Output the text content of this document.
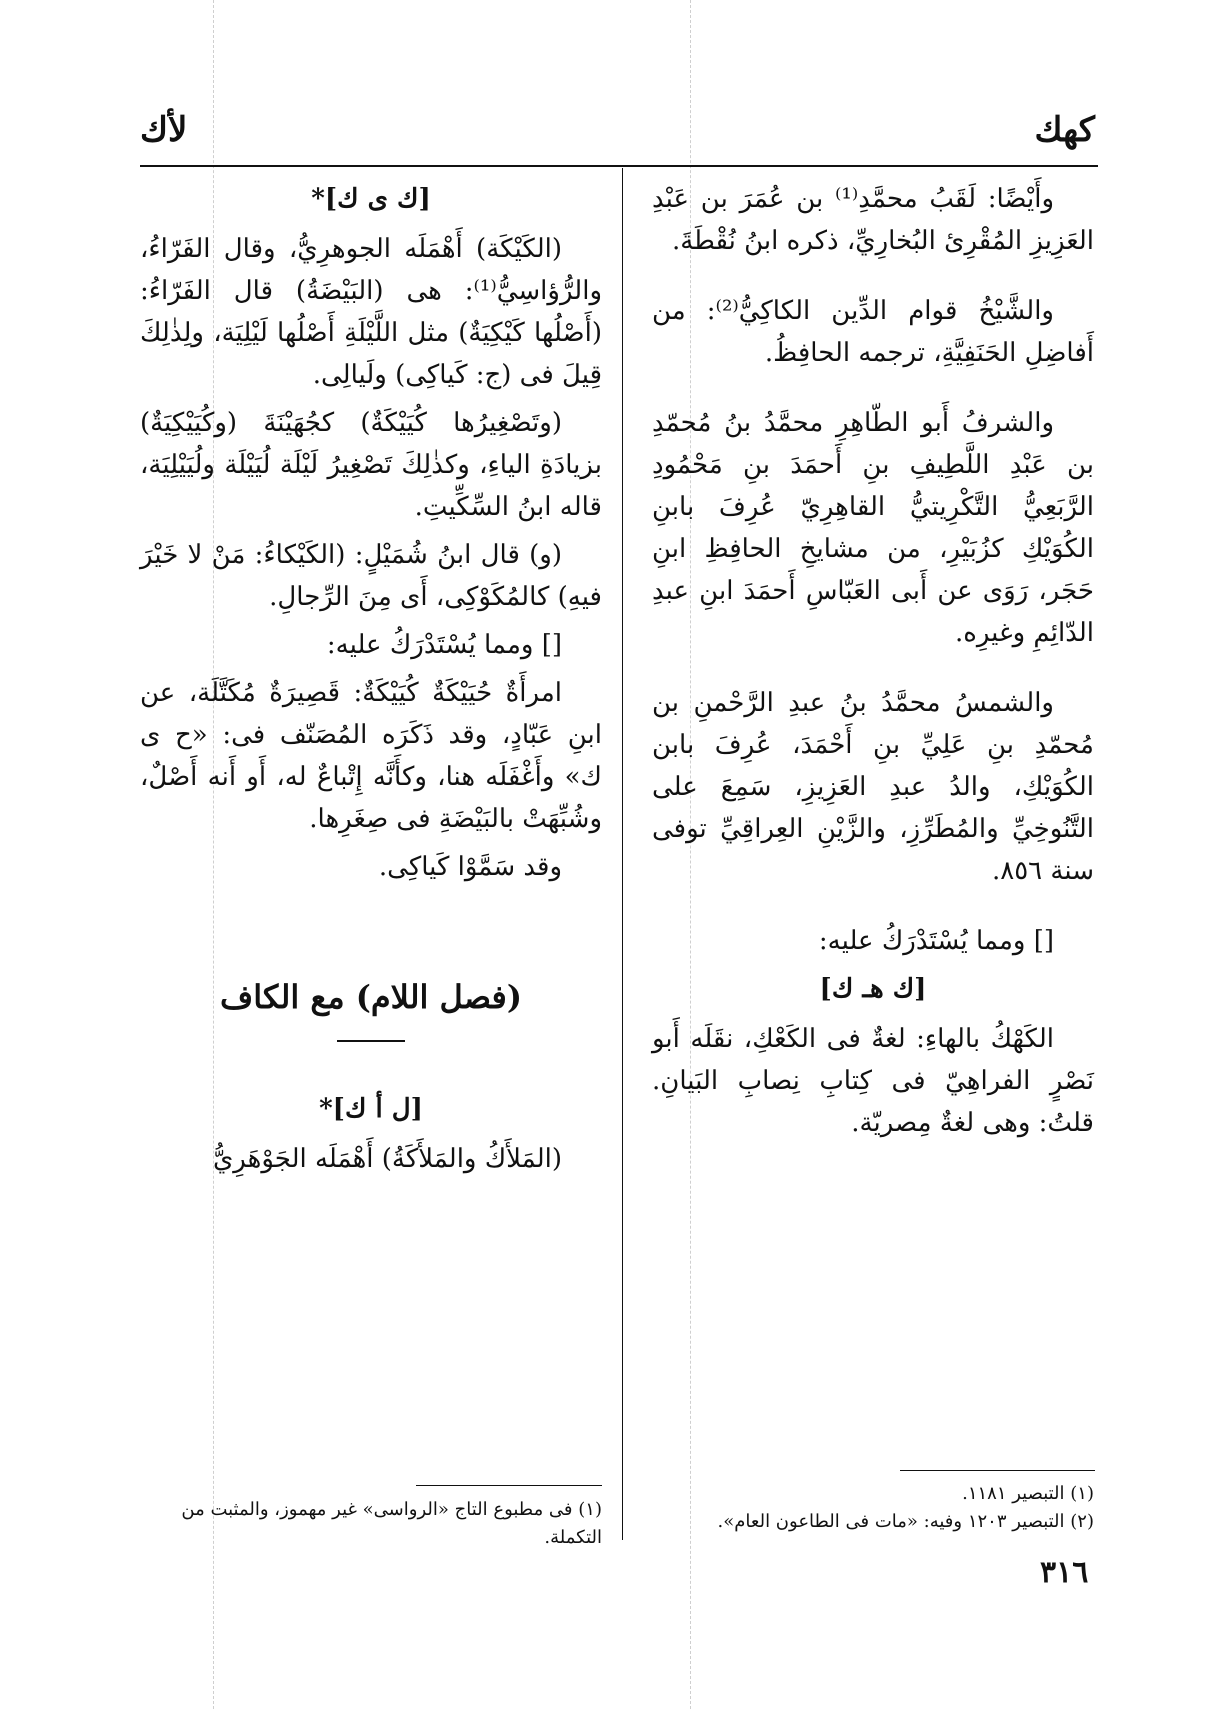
كهك
لأك

وأَيْضًا: لَقَبُ محمَّدِ⁽¹⁾ بن عُمَرَ بن عَبْدِ العَزِيزِ المُقْرِئ البُخارِيِّ، ذكره ابنُ نُقْطَةَ.

والشَّيْخُ قوام الدِّين الكاكِيُّ⁽²⁾: من أَفاضِلِ الحَنَفِيَّةِ، ترجمه الحافِظُ.

والشرفُ أَبو الطّاهِرِ محمَّدُ بنُ مُحمّدِ بن عَبْدِ اللَّطِيفِ بنِ أَحمَدَ بنِ مَحْمُودِ الرَّبَعِيُّ التَّكْرِيتيُّ القاهِرِيّ عُرِفَ بابنِ الكُوَيْكِ كزُبَيْرِ، من مشايخِ الحافِظِ ابنِ حَجَر، رَوَى عن أَبى العَبّاسِ أَحمَدَ ابنِ عبدِ الدّائِمِ وغيرِه.

والشمسُ محمَّدُ بنُ عبدِ الرَّحْمنِ بن مُحمّدِ بنِ عَلِيِّ بنِ أَحْمَدَ، عُرِفَ بابن الكُوَيْكِ، والدُ عبدِ العَزِيزِ، سَمِعَ على التَّنُوخِيِّ والمُطَرِّزِ، والزَّيْنِ العِراقِيِّ توفى سنة ٨٥٦.

[] ومما يُسْتَدْرَكُ عليه:

[ك هـ ك]

الكَهْكُ بالهاءِ: لغةٌ فى الكَعْكِ، نقَلَه أَبو نَصْرٍ الفراهِيّ فى كِتابِ نِصابِ البَيانِ. قلتُ: وهى لغةٌ مِصريّة.

[ك ى ك]*

(الكَيْكَة) أَهْمَلَه الجوهرِيُّ، وقال الفَرّاءُ، والرُّؤاسِيُّ⁽¹⁾: هى (البَيْضَةُ) قال الفَرّاءُ: (أَصْلُها كَيْكِيَةٌ) مثل اللَّيْلَةِ أَصْلُها لَيْلِيَة، ولِذٰلِكَ قِيلَ فى (ج: كَياكِى) ولَيالِى.

(وتَصْغِيرُها كُيَيْكَةٌ) كجُهَيْنَةَ (وكُيَيْكِيَةٌ) بزيادَةِ الياءِ، وكذٰلِكَ تَصْغِيرُ لَيْلَة لُيَيْلَة ولُيَيْلِيَة، قاله ابنُ السِّكِّيتِ.

(و) قال ابنُ شُمَيْلٍ: (الكَيْكاءُ: مَنْ لا خَيْرَ فيهِ) كالمُكَوْكِى، أَى مِنَ الرِّجالِ.

[] ومما يُسْتَدْرَكُ عليه:

امرأَةٌ حُيَيْكَةٌ كُيَيْكَةٌ: قَصِيرَةٌ مُكَتَّلَة، عن ابنِ عَبّادٍ، وقد ذَكَرَه المُصَنّف فى: «ح ى ك» وأَغْفَلَه هنا، وكأَنَّه إِتْباعٌ له، أَو أَنه أَصْلٌ، وشُبِّهَتْ بالبَيْضَةِ فى صِغَرِها.

وقد سَمَّوْا كَياكِى.

(فصل اللام) مع الكاف
[ل أ ك]*

(المَلأَكُ والمَلأَكَةُ) أَهْمَلَه الجَوْهَرِيُّ

(١) التبصير ١١٨١.

(٢) التبصير ١٢٠٣ وفيه: «مات فى الطاعون العام».

(١) فى مطبوع التاج «الرواسى» غير مهموز، والمثبت من التكملة.

٣١٦
